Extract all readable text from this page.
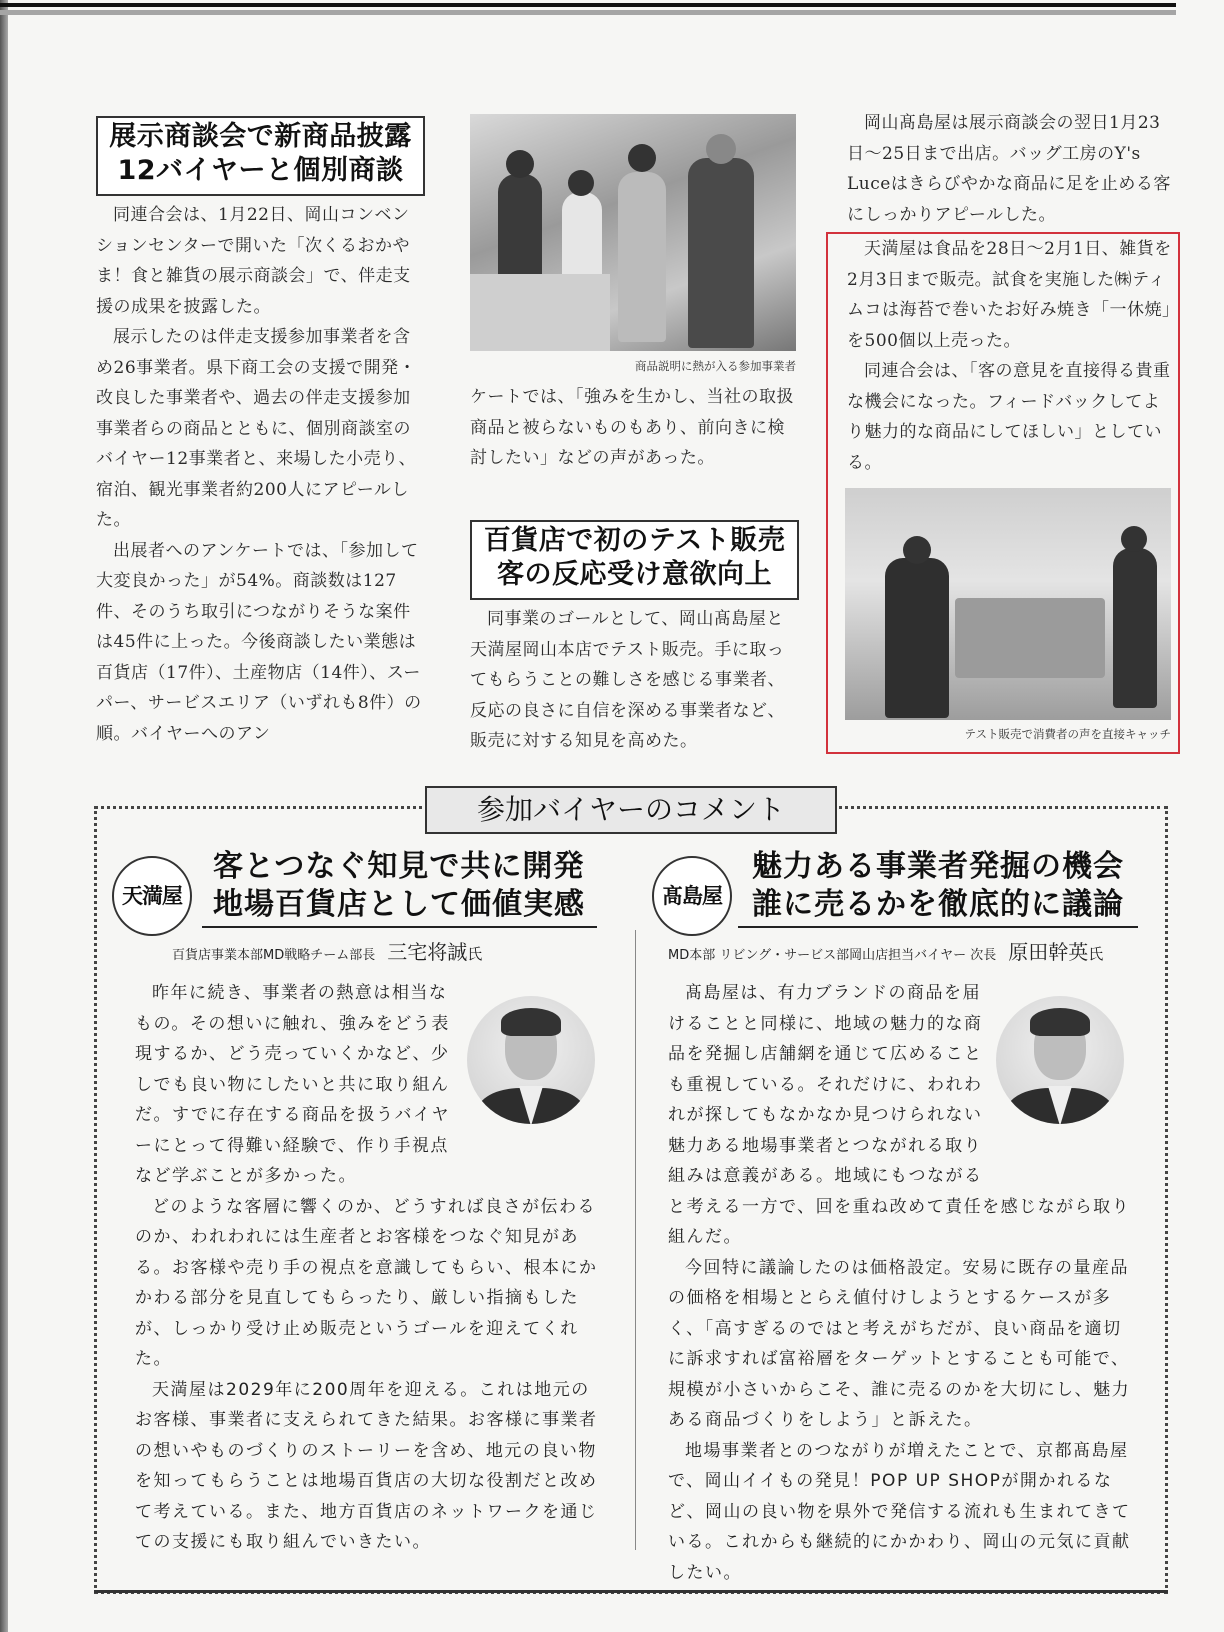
展示商談会で新商品披露
12バイヤーと個別商談

同連合会は、1月22日、岡山コンベンションセンターで開いた「次くるおかやま！食と雑貨の展示商談会」で、伴走支援の成果を披露した。

展示したのは伴走支援参加事業者を含め26事業者。県下商工会の支援で開発・改良した事業者や、過去の伴走支援参加事業者らの商品とともに、個別商談室のバイヤー12事業者と、来場した小売り、宿泊、観光事業者約200人にアピールした。

出展者へのアンケートでは、「参加して大変良かった」が54%。商談数は127件、そのうち取引につながりそうな案件は45件に上った。今後商談したい業態は百貨店（17件）、土産物店（14件）、スーパー、サービスエリア（いずれも8件）の順。バイヤーへのアン

商品説明に熱が入る参加事業者

ケートでは、「強みを生かし、当社の取扱商品と被らないものもあり、前向きに検討したい」などの声があった。

百貨店で初のテスト販売
客の反応受け意欲向上

同事業のゴールとして、岡山髙島屋と天満屋岡山本店でテスト販売。手に取ってもらうことの難しさを感じる事業者、反応の良さに自信を深める事業者など、販売に対する知見を高めた。

岡山髙島屋は展示商談会の翌日1月23日～25日まで出店。バッグ工房のY's Luceはきらびやかな商品に足を止める客にしっかりアピールした。

天満屋は食品を28日～2月1日、雑貨を2月3日まで販売。試食を実施した㈱ティムコは海苔で巻いたお好み焼き「一休焼」を500個以上売った。

同連合会は、「客の意見を直接得る貴重な機会になった。フィードバックしてより魅力的な商品にしてほしい」としている。

テスト販売で消費者の声を直接キャッチ
参加バイヤーのコメント
天満屋
客とつなぐ知見で共に開発
地場百貨店として価値実感
百貨店事業本部MD戦略チーム部長 三宅将誠氏

昨年に続き、事業者の熱意は相当なもの。その想いに触れ、強みをどう表現するか、どう売っていくかなど、少しでも良い物にしたいと共に取り組んだ。すでに存在する商品を扱うバイヤーにとって得難い経験で、作り手視点など学ぶことが多かった。

どのような客層に響くのか、どうすれば良さが伝わるのか、われわれには生産者とお客様をつなぐ知見がある。お客様や売り手の視点を意識してもらい、根本にかかわる部分を見直してもらったり、厳しい指摘もしたが、しっかり受け止め販売というゴールを迎えてくれた。

天満屋は2029年に200周年を迎える。これは地元のお客様、事業者に支えられてきた結果。お客様に事業者の想いやものづくりのストーリーを含め、地元の良い物を知ってもらうことは地場百貨店の大切な役割だと改めて考えている。また、地方百貨店のネットワークを通じての支援にも取り組んでいきたい。

髙島屋
魅力ある事業者発掘の機会
誰に売るかを徹底的に議論
MD本部 リビング・サービス部岡山店担当バイヤー 次長 原田幹英氏

髙島屋は、有力ブランドの商品を届けることと同様に、地域の魅力的な商品を発掘し店舗網を通じて広めることも重視している。それだけに、われわれが探してもなかなか見つけられない魅力ある地場事業者とつながれる取り組みは意義がある。地域にもつながると考える一方で、回を重ね改めて責任を感じながら取り組んだ。

今回特に議論したのは価格設定。安易に既存の量産品の価格を相場ととらえ値付けしようとするケースが多く、「高すぎるのではと考えがちだが、良い商品を適切に訴求すれば富裕層をターゲットとすることも可能で、規模が小さいからこそ、誰に売るのかを大切にし、魅力ある商品づくりをしよう」と訴えた。

地場事業者とのつながりが増えたことで、京都髙島屋で、岡山イイもの発見！POP UP SHOPが開かれるなど、岡山の良い物を県外で発信する流れも生まれてきている。これからも継続的にかかわり、岡山の元気に貢献したい。
